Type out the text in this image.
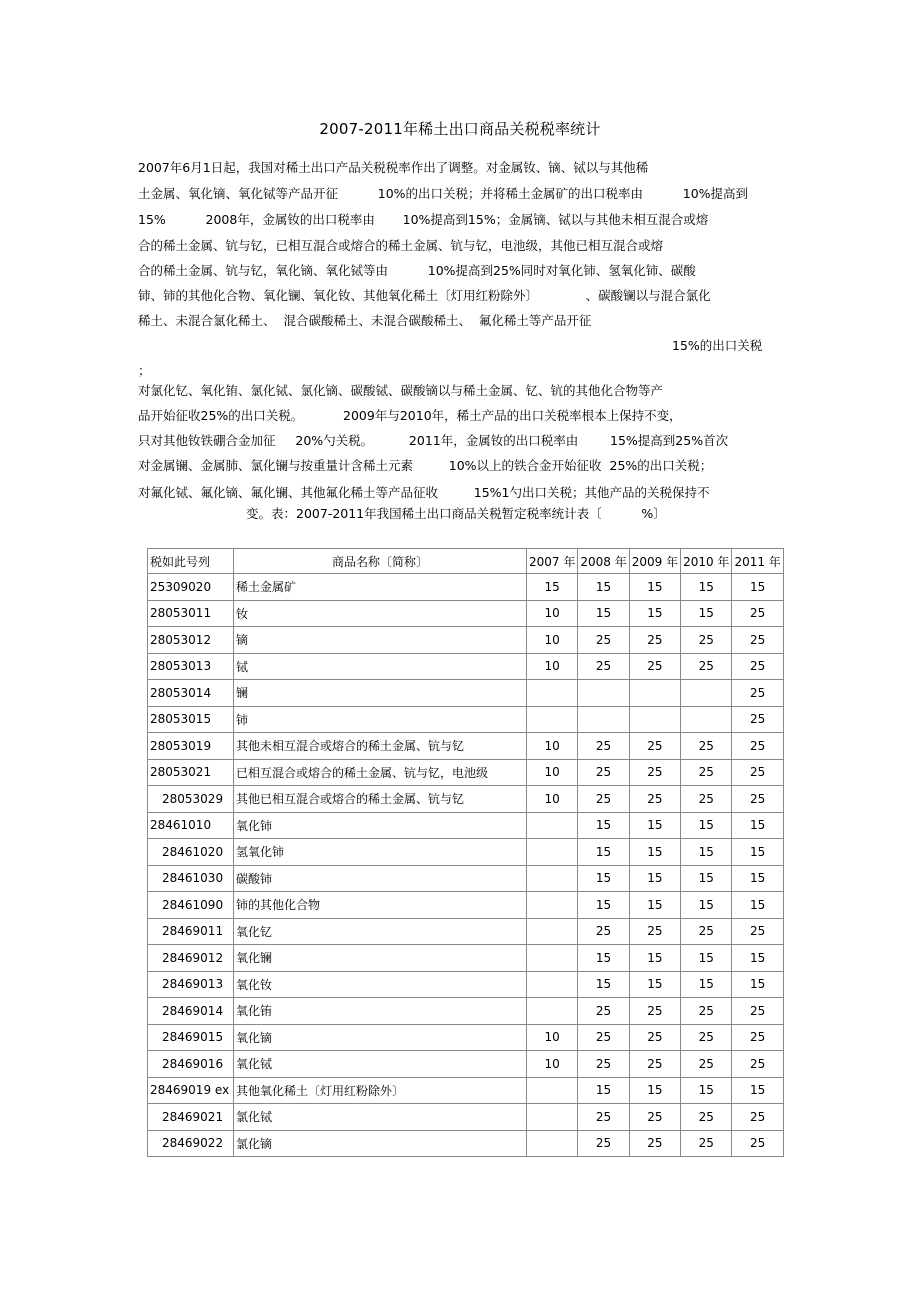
2007-2011年稀土出口商品关税税率统计
2007年6月1日起，我国对稀土出口产品关税税率作出了调整。对金属钕、镝、铽以与其他稀
土金属、氧化镝、氧化铽等产品开征          10%的出口关税；并将稀土金属矿的出口税率由          10%提高到
15%          2008年，金属钕的出口税率由       10%提高到15%；金属镝、铽以与其他未相互混合或熔
合的稀土金属、钪与钇，已相互混合或熔合的稀土金属、钪与钇，电池级，其他已相互混合或熔
合的稀土金属、钪与钇，氧化镝、氧化铽等由          10%提高到25%同时对氧化铈、氢氧化铈、碳酸
铈、铈的其他化合物、氧化镧、氧化钕、其他氧化稀土〔灯用红粉除外〕            、碳酸镧以与混合氯化
稀土、未混合氯化稀土、  混合碳酸稀土、未混合碳酸稀土、  氟化稀土等产品开征
15%的出口关税
；
对氯化钇、氧化铕、氯化铽、氯化镝、碳酸铽、碳酸镝以与稀土金属、钇、钪的其他化合物等产
品开始征收25%的出口关税。          2009年与2010年，稀土产品的出口关税率根本上保持不变，
只对其他钕铁硼合金加征     20%勺关税。         2011年，金属钕的出口税率由        15%提高到25%首次
对金属镧、金属肺、氯化镧与按重量计含稀土元素         10%以上的铁合金开始征收  25%的出口关税；
对氟化铽、氟化镝、氟化镧、其他氟化稀土等产品征收         15%1勺出口关税；其他产品的关税保持不
变。表：2007-2011年我国稀土出口商品关税暂定税率统计表〔          %〕
税如此号列	商品名称〔简称〕	2007 年	2008 年	2009 年	2010 年	2011 年
25309020	稀土金属矿	15	15	15	15	15
28053011	钕	10	15	15	15	25
28053012	镝	10	25	25	25	25
28053013	铽	10	25	25	25	25
28053014	镧					25
28053015	铈					25
28053019	其他未相互混合或熔合的稀土金属、钪与钇	10	25	25	25	25
28053021	已相互混合或熔合的稀土金属、钪与钇，电池级	10	25	25	25	25
28053029	其他已相互混合或熔合的稀土金属、钪与钇	10	25	25	25	25
28461010	氧化铈		15	15	15	15
28461020	氢氧化铈		15	15	15	15
28461030	碳酸铈		15	15	15	15
28461090	铈的其他化合物		15	15	15	15
28469011	氧化钇		25	25	25	25
28469012	氧化镧		15	15	15	15
28469013	氧化钕		15	15	15	15
28469014	氧化铕		25	25	25	25
28469015	氧化镝	10	25	25	25	25
28469016	氧化铽	10	25	25	25	25
28469019 ex	其他氧化稀土〔灯用红粉除外〕		15	15	15	15
28469021	氯化铽		25	25	25	25
28469022	氯化镝		25	25	25	25
